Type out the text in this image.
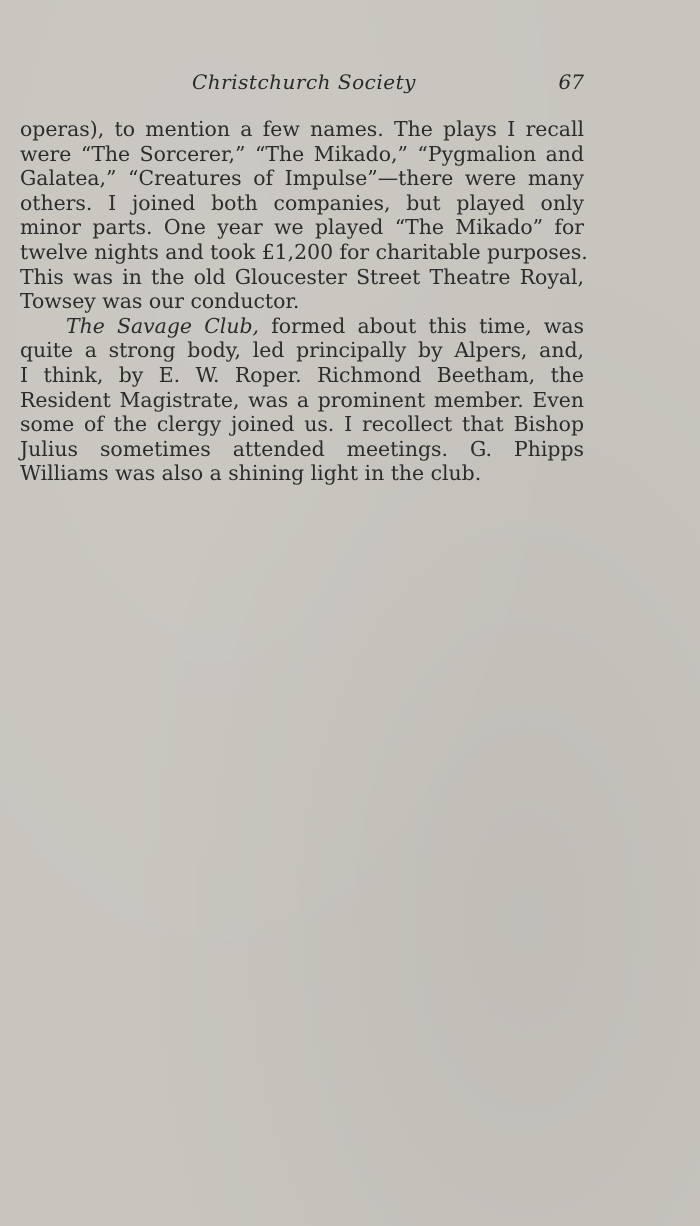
Christchurch Society	67
operas), to mention a few names. The plays I recall
were “The Sorcerer,” “The Mikado,” “Pygmalion and
Galatea,” “Creatures of Impulse”—there were many
others. I joined both companies, but played only
minor parts. One year we played “The Mikado” for
twelve nights and took £1,200 for charitable purposes.
This was in the old Gloucester Street Theatre Royal,
Towsey was our conductor.
The Savage Club, formed about this time, was
quite a strong body, led principally by Alpers, and,
I think, by E. W. Roper. Richmond Beetham, the
Resident Magistrate, was a prominent member. Even
some of the clergy joined us. I recollect that Bishop
Julius sometimes attended meetings. G. Phipps
Williams was also a shining light in the club.
